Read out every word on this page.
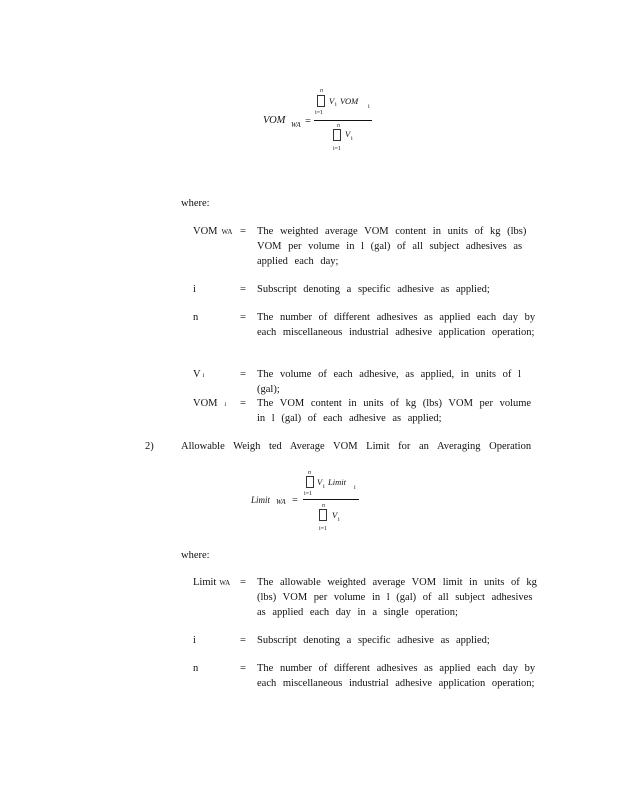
VOM WA =
n
i=1
V i VOM
i
n
i=1
V i
where:
VOM WA = The weighted average VOM content in units of kg (lbs) VOM per volume in l (gal) of all subject adhesives as applied each day;
i	= Subscript denoting a specific adhesive as applied;
n	= The number of different adhesives as applied each day by each miscellaneous industrial adhesive application operation;
Vi	= The volume of each adhesive, as applied, in units of l (gal);
VOM i = The VOM content in units of kg (lbs) VOM per volume in l (gal) of each adhesive as applied;
2)	Allowable Weigh ted Average VOM Limit for an Averaging Operation
Limit WA =
n
i=1
V i Limit
i
n
i=1
V i
where:
Limit WA = The allowable weighted average VOM limit in units of kg (lbs) VOM per volume in l (gal) of all subject adhesives as applied each day in a single operation;
i	= Subscript denoting a specific adhesive as applied;
n	= The number of different adhesives as applied each day by each miscellaneous industrial adhesive application operation;
